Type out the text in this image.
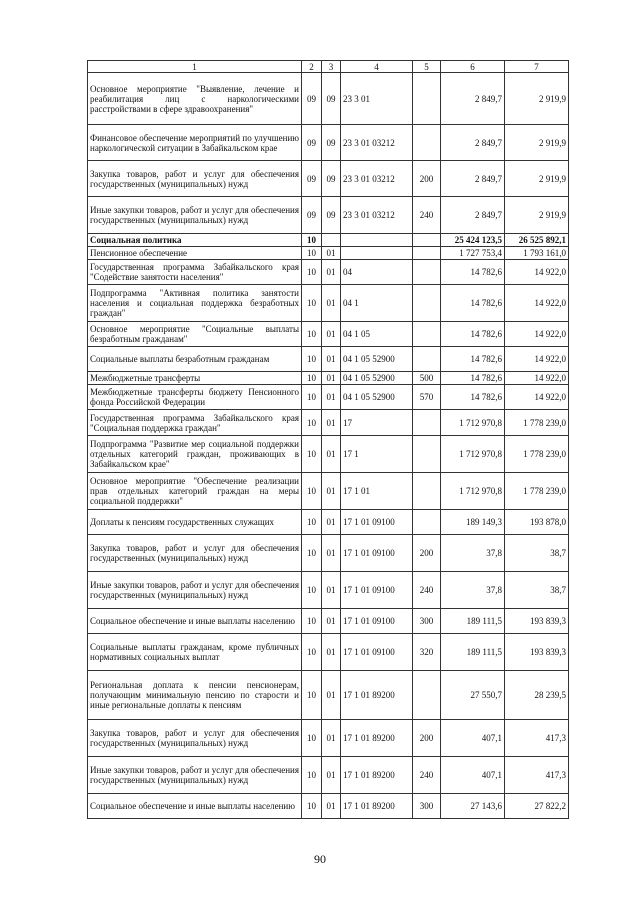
1	2	3	4	5	6	7
Основное мероприятие "Выявление, лечение и реабилитация лиц с наркологическими расстройствами в сфере здравоохранения"	09	09	23 3 01		2 849,7	2 919,9
Финансовое обеспечение мероприятий по улучшению наркологической ситуации в Забайкальском крае	09	09	23 3 01 03212		2 849,7	2 919,9
Закупка товаров, работ и услуг для обеспечения государственных (муниципальных) нужд	09	09	23 3 01 03212	200	2 849,7	2 919,9
Иные закупки товаров, работ и услуг для обеспечения государственных (муниципальных) нужд	09	09	23 3 01 03212	240	2 849,7	2 919,9
Социальная политика	10				25 424 123,5	26 525 892,1
Пенсионное обеспечение	10	01			1 727 753,4	1 793 161,0
Государственная программа Забайкальского края "Содействие занятости населения"	10	01	04		14 782,6	14 922,0
Подпрограмма "Активная политика занятости населения и социальная поддержка безработных граждан"	10	01	04 1		14 782,6	14 922,0
Основное мероприятие "Социальные выплаты безработным гражданам"	10	01	04 1 05		14 782,6	14 922,0
Социальные выплаты безработным гражданам	10	01	04 1 05 52900		14 782,6	14 922,0
Межбюджетные трансферты	10	01	04 1 05 52900	500	14 782,6	14 922,0
Межбюджетные трансферты бюджету Пенсионного фонда Российской Федерации	10	01	04 1 05 52900	570	14 782,6	14 922,0
Государственная программа Забайкальского края "Социальная поддержка граждан"	10	01	17		1 712 970,8	1 778 239,0
Подпрограмма "Развитие мер социальной поддержки отдельных категорий граждан, проживающих в Забайкальском крае"	10	01	17 1		1 712 970,8	1 778 239,0
Основное мероприятие "Обеспечение реализации прав отдельных категорий граждан на меры социальной поддержки"	10	01	17 1 01		1 712 970,8	1 778 239,0
Доплаты к пенсиям государственных служащих	10	01	17 1 01 09100		189 149,3	193 878,0
Закупка товаров, работ и услуг для обеспечения государственных (муниципальных) нужд	10	01	17 1 01 09100	200	37,8	38,7
Иные закупки товаров, работ и услуг для обеспечения государственных (муниципальных) нужд	10	01	17 1 01 09100	240	37,8	38,7
Социальное обеспечение и иные выплаты населению	10	01	17 1 01 09100	300	189 111,5	193 839,3
Социальные выплаты гражданам, кроме публичных нормативных социальных выплат	10	01	17 1 01 09100	320	189 111,5	193 839,3
Региональная доплата к пенсии пенсионерам, получающим минимальную пенсию по старости и иные региональные доплаты к пенсиям	10	01	17 1 01 89200		27 550,7	28 239,5
Закупка товаров, работ и услуг для обеспечения государственных (муниципальных) нужд	10	01	17 1 01 89200	200	407,1	417,3
Иные закупки товаров, работ и услуг для обеспечения государственных (муниципальных) нужд	10	01	17 1 01 89200	240	407,1	417,3
Социальное обеспечение и иные выплаты населению	10	01	17 1 01 89200	300	27 143,6	27 822,2
90
